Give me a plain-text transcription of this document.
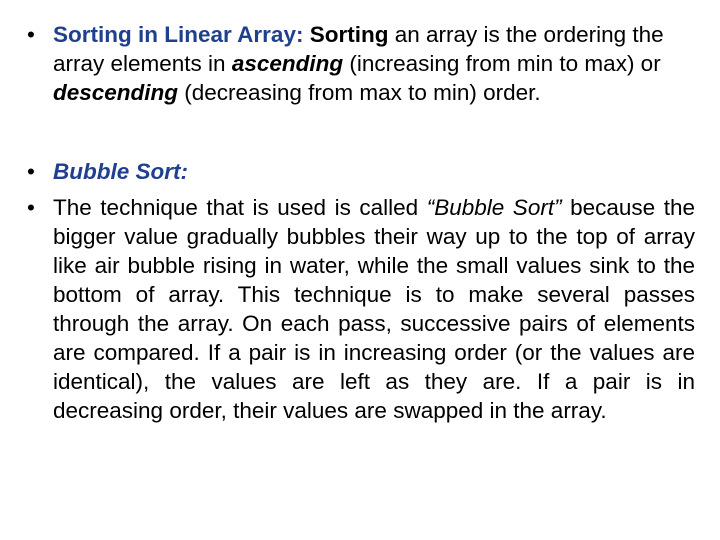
• Sorting in Linear Array: Sorting an array is the ordering the array elements in ascending (increasing from min to max) or descending (decreasing from max to min) order.
• Bubble Sort:
• The technique that is used is called “Bubble Sort” because the bigger value gradually bubbles their way up to the top of array like air bubble rising in water, while the small values sink to the bottom of array. This technique is to make several passes through the array. On each pass, successive pairs of elements are compared. If a pair is in increasing order (or the values are identical), the values are left as they are. If a pair is in decreasing order, their values are swapped in the array.
